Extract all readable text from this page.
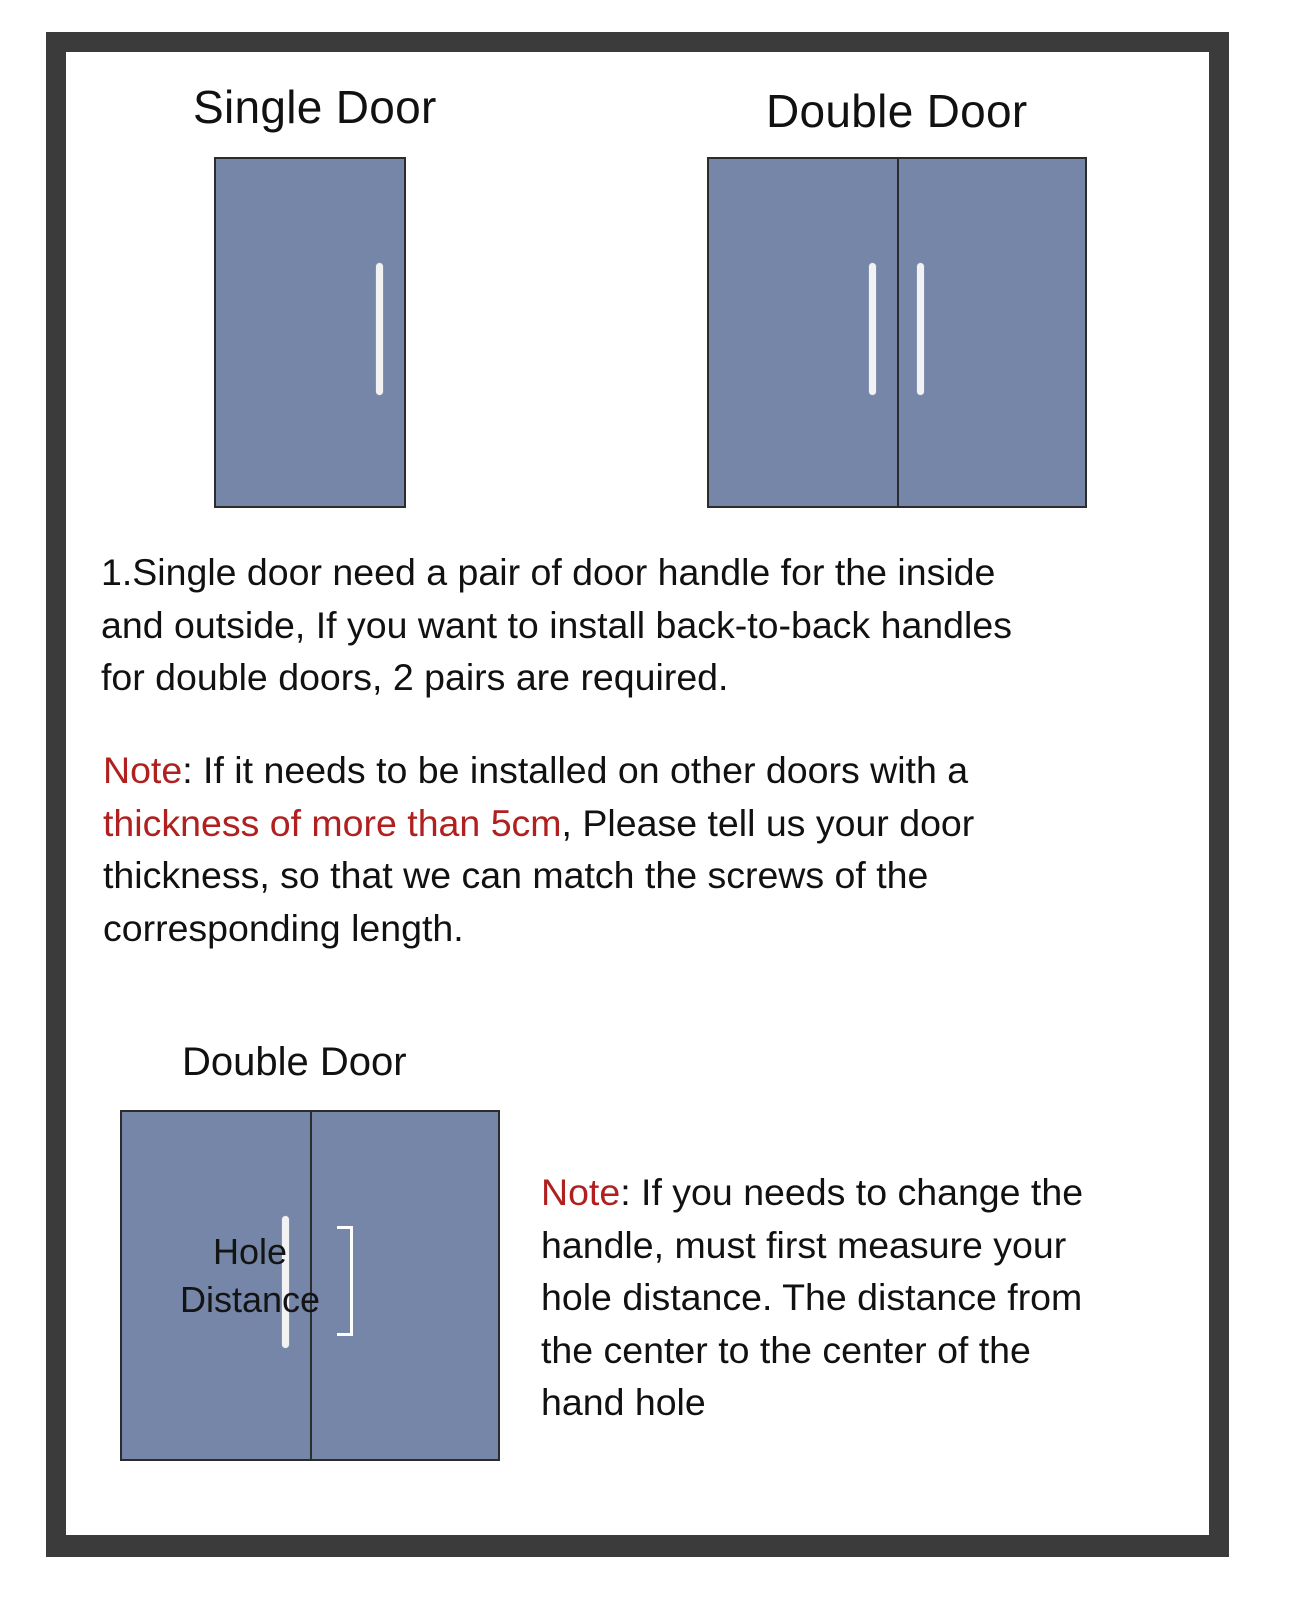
Single Door	Double Door
1.Single door need a pair of door handle for the inside
and outside, If you want to install back-to-back handles
for double doors, 2 pairs are required.
Note: If it needs to be installed on other doors with a
thickness of more than 5cm, Please tell us your door
thickness, so that we can match the screws of the
corresponding length.
Double Door
Hole
Distance
Note: If you needs to change the
handle, must first measure your
hole distance. The distance from
the center to the center of the
hand hole
